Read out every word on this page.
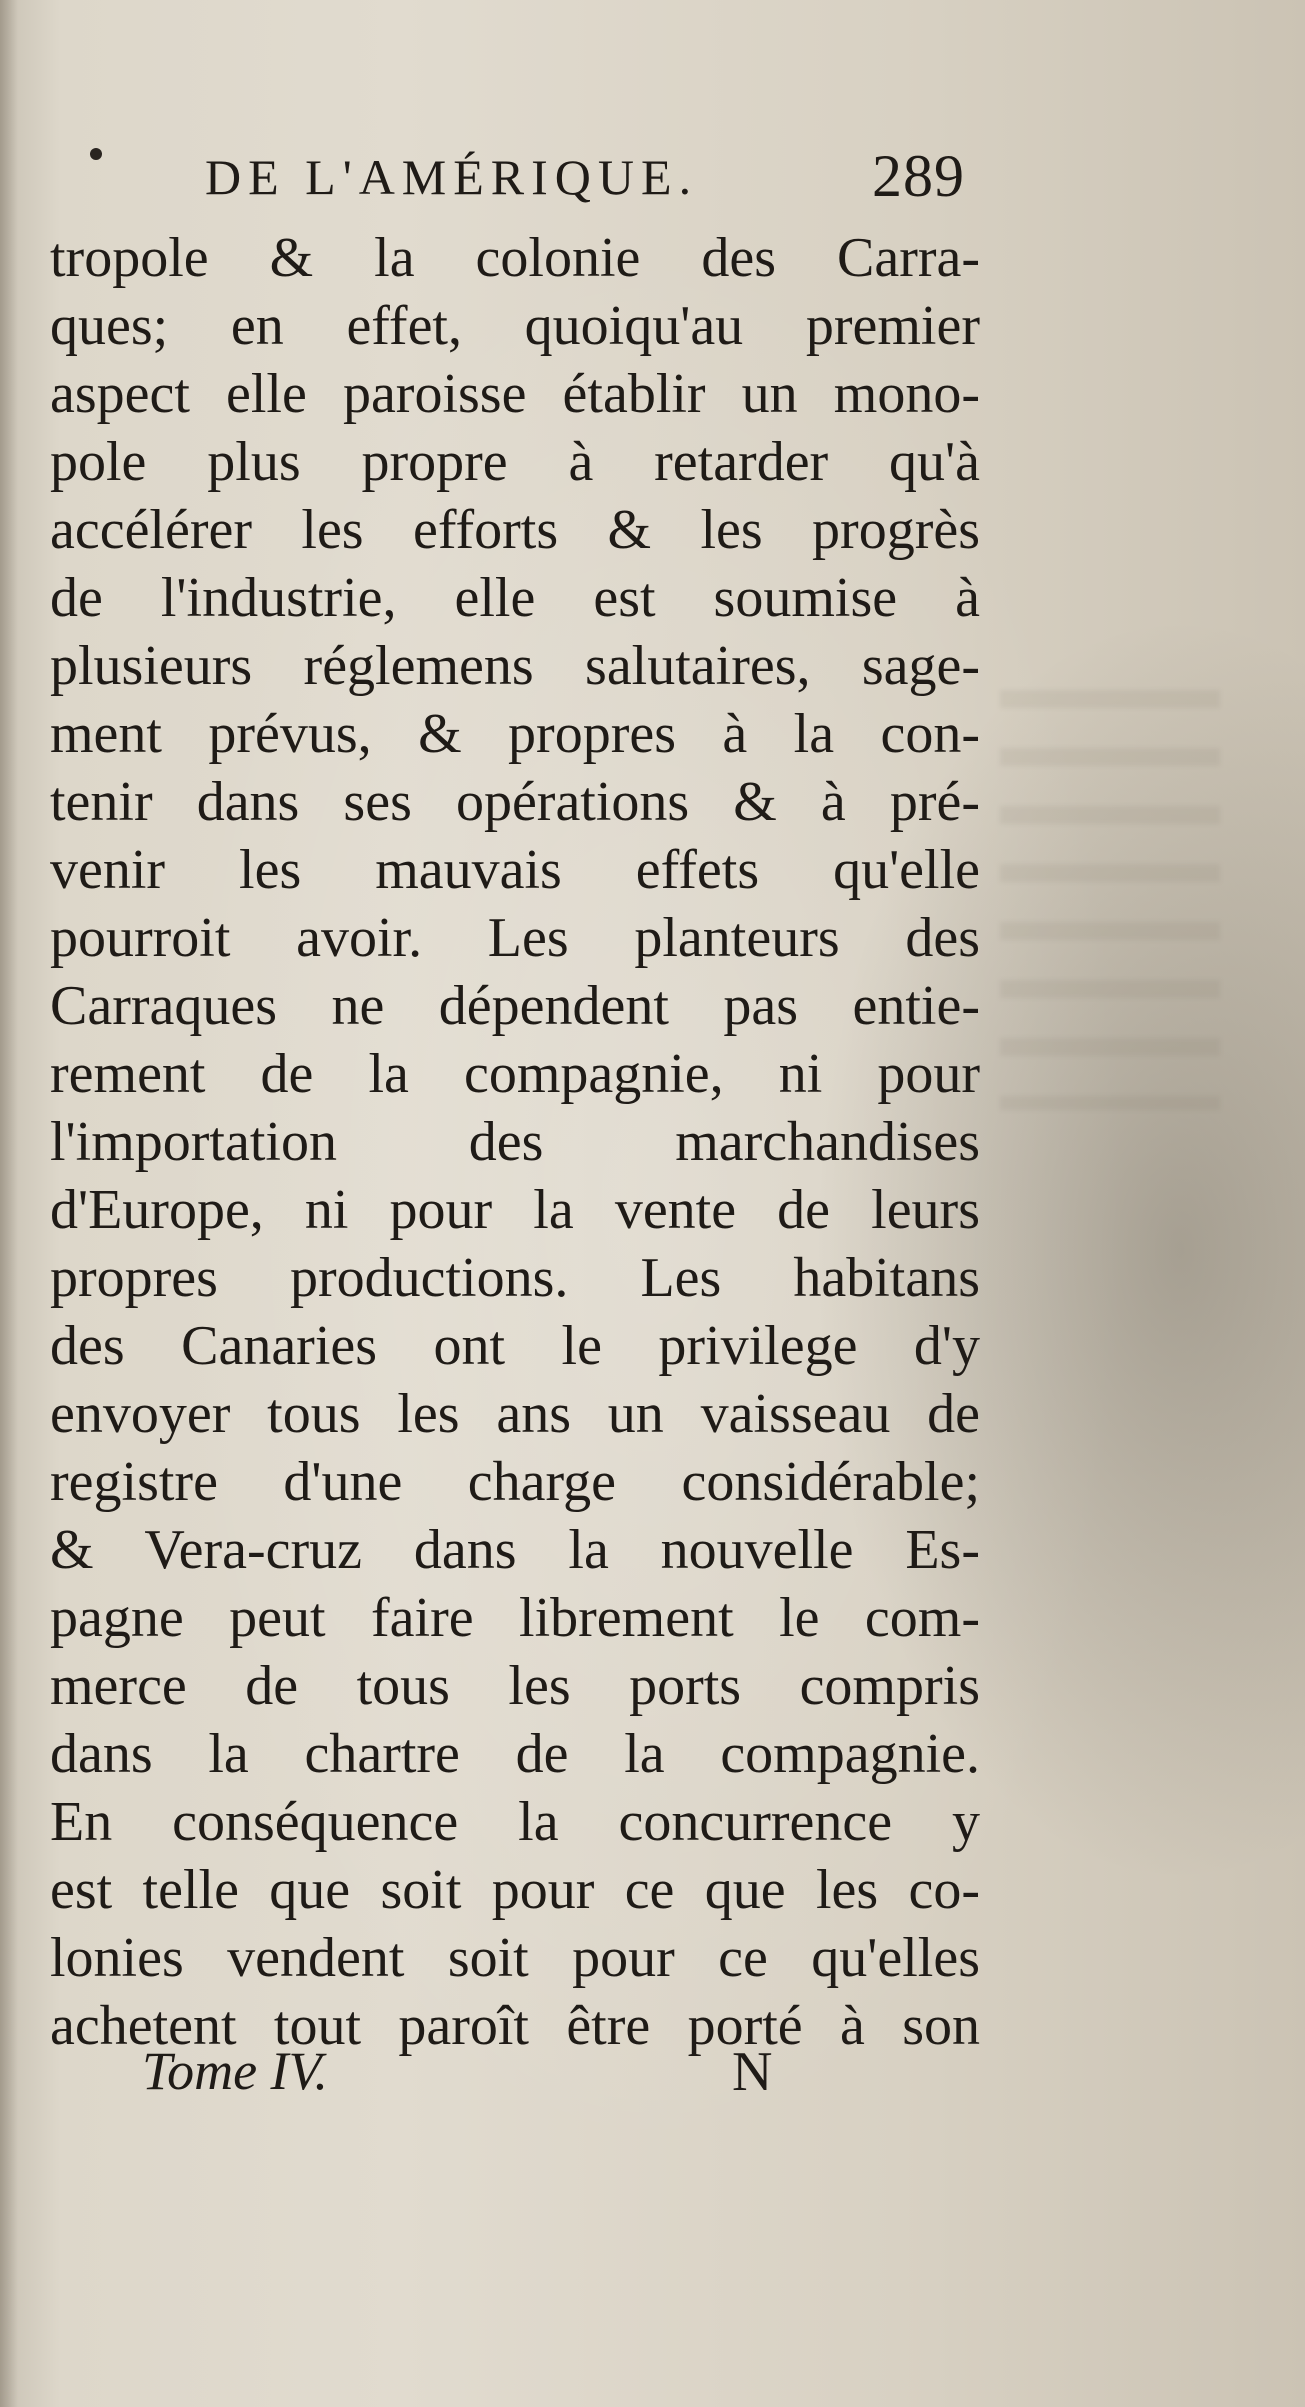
DE L'AMÉRIQUE.	289
tropole & la colonie des Carra-
ques; en effet, quoiqu'au premier
aspect elle paroisse établir un mono-
pole plus propre à retarder qu'à
accélérer les efforts & les progrès
de l'industrie, elle est soumise à
plusieurs réglemens salutaires, sage-
ment prévus, & propres à la con-
tenir dans ses opérations & à pré-
venir les mauvais effets qu'elle
pourroit avoir. Les planteurs des
Carraques ne dépendent pas entie-
rement de la compagnie, ni pour
l'importation des marchandises
d'Europe, ni pour la vente de leurs
propres productions. Les habitans
des Canaries ont le privilege d'y
envoyer tous les ans un vaisseau de
registre d'une charge considérable;
& Vera-cruz dans la nouvelle Es-
pagne peut faire librement le com-
merce de tous les ports compris
dans la chartre de la compagnie.
En conséquence la concurrence y
est telle que soit pour ce que les co-
lonies vendent soit pour ce qu'elles
achetent tout paroît être porté à son
Tome IV.	N
